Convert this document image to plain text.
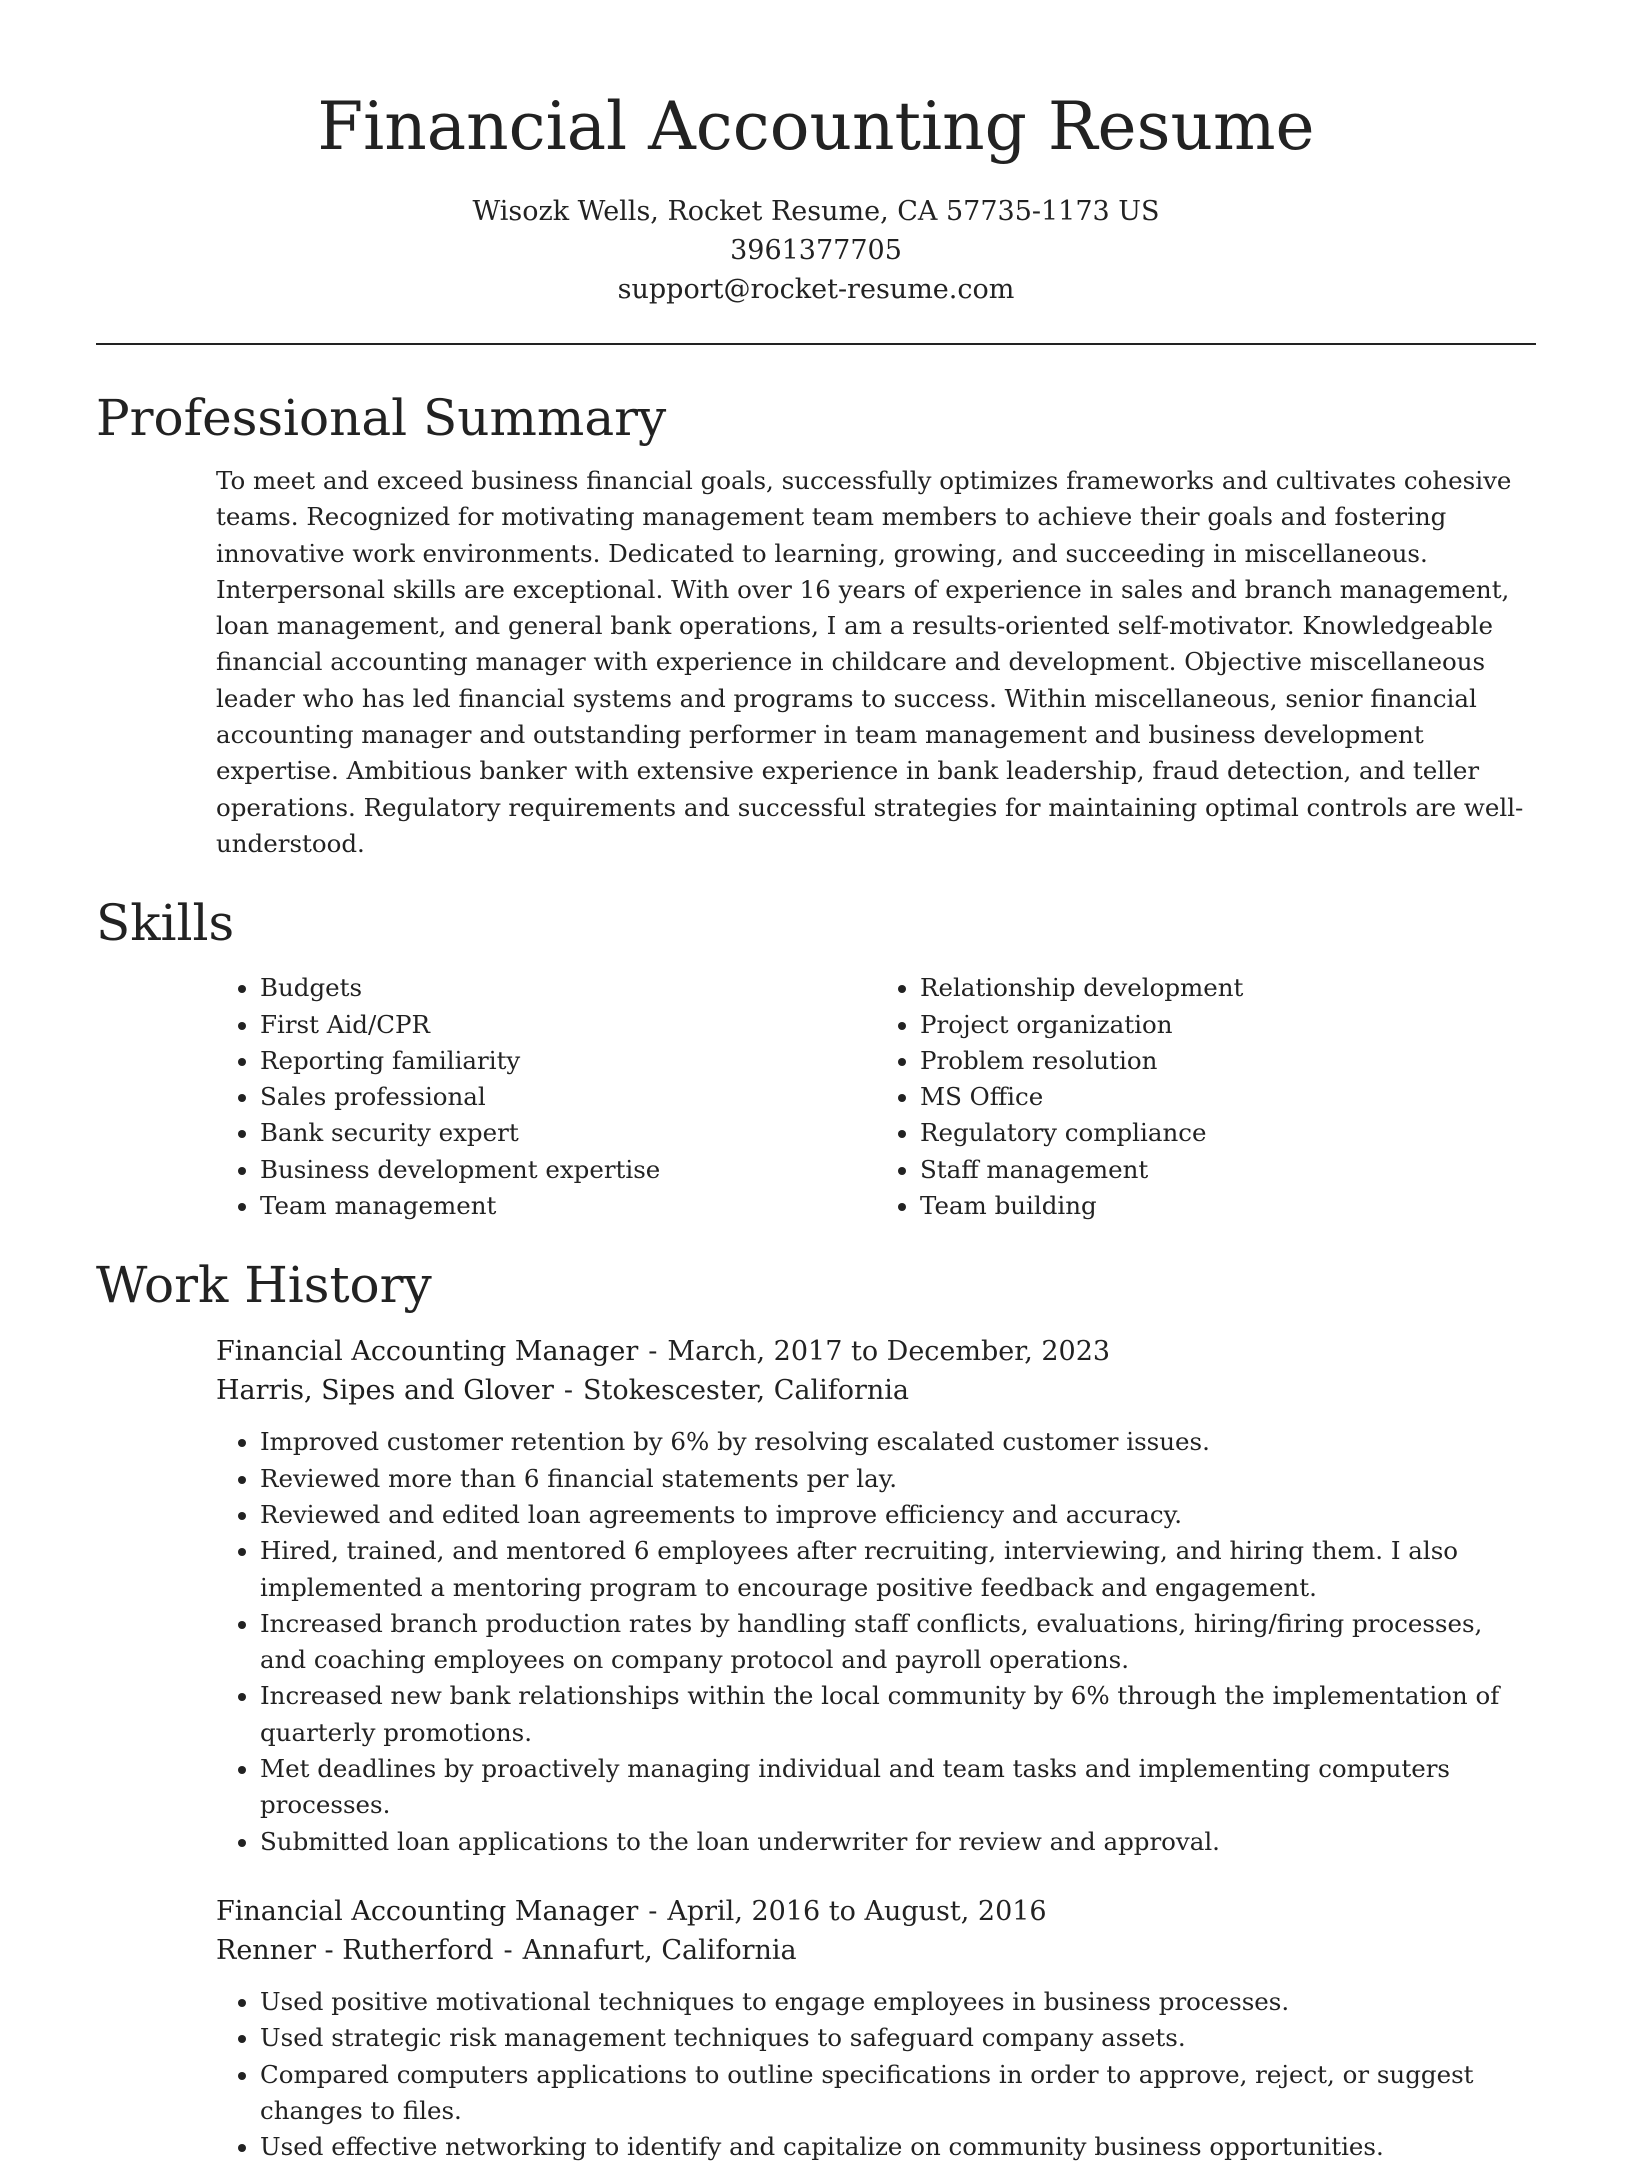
Financial Accounting Resume
Wisozk Wells, Rocket Resume, CA 57735-1173 US
3961377705
support@rocket-resume.com
Professional Summary

To meet and exceed business financial goals, successfully optimizes frameworks and cultivates cohesive teams. Recognized for motivating management team members to achieve their goals and fostering innovative work environments. Dedicated to learning, growing, and succeeding in miscellaneous. Interpersonal skills are exceptional. With over 16 years of experience in sales and branch management, loan management, and general bank operations, I am a results-oriented self-motivator. Knowledgeable financial accounting manager with experience in childcare and development. Objective miscellaneous leader who has led financial systems and programs to success. Within miscellaneous, senior financial accounting manager and outstanding performer in team management and business development expertise. Ambitious banker with extensive experience in bank leadership, fraud detection, and teller operations. Regulatory requirements and successful strategies for maintaining optimal controls are well-understood.

Skills
• Budgets
• First Aid/CPR
• Reporting familiarity
• Sales professional
• Bank security expert
• Business development expertise
• Team management
• Relationship development
• Project organization
• Problem resolution
• MS Office
• Regulatory compliance
• Staff management
• Team building
Work History
Financial Accounting Manager - March, 2017 to December, 2023
Harris, Sipes and Glover - Stokescester, California
• Improved customer retention by 6% by resolving escalated customer issues.
• Reviewed more than 6 financial statements per lay.
• Reviewed and edited loan agreements to improve efficiency and accuracy.
• Hired, trained, and mentored 6 employees after recruiting, interviewing, and hiring them. I also implemented a mentoring program to encourage positive feedback and engagement.
• Increased branch production rates by handling staff conflicts, evaluations, hiring/firing processes, and coaching employees on company protocol and payroll operations.
• Increased new bank relationships within the local community by 6% through the implementation of quarterly promotions.
• Met deadlines by proactively managing individual and team tasks and implementing computers processes.
• Submitted loan applications to the loan underwriter for review and approval.
Financial Accounting Manager - April, 2016 to August, 2016
Renner - Rutherford - Annafurt, California
• Used positive motivational techniques to engage employees in business processes.
• Used strategic risk management techniques to safeguard company assets.
• Compared computers applications to outline specifications in order to approve, reject, or suggest changes to files.
• Used effective networking to identify and capitalize on community business opportunities.
